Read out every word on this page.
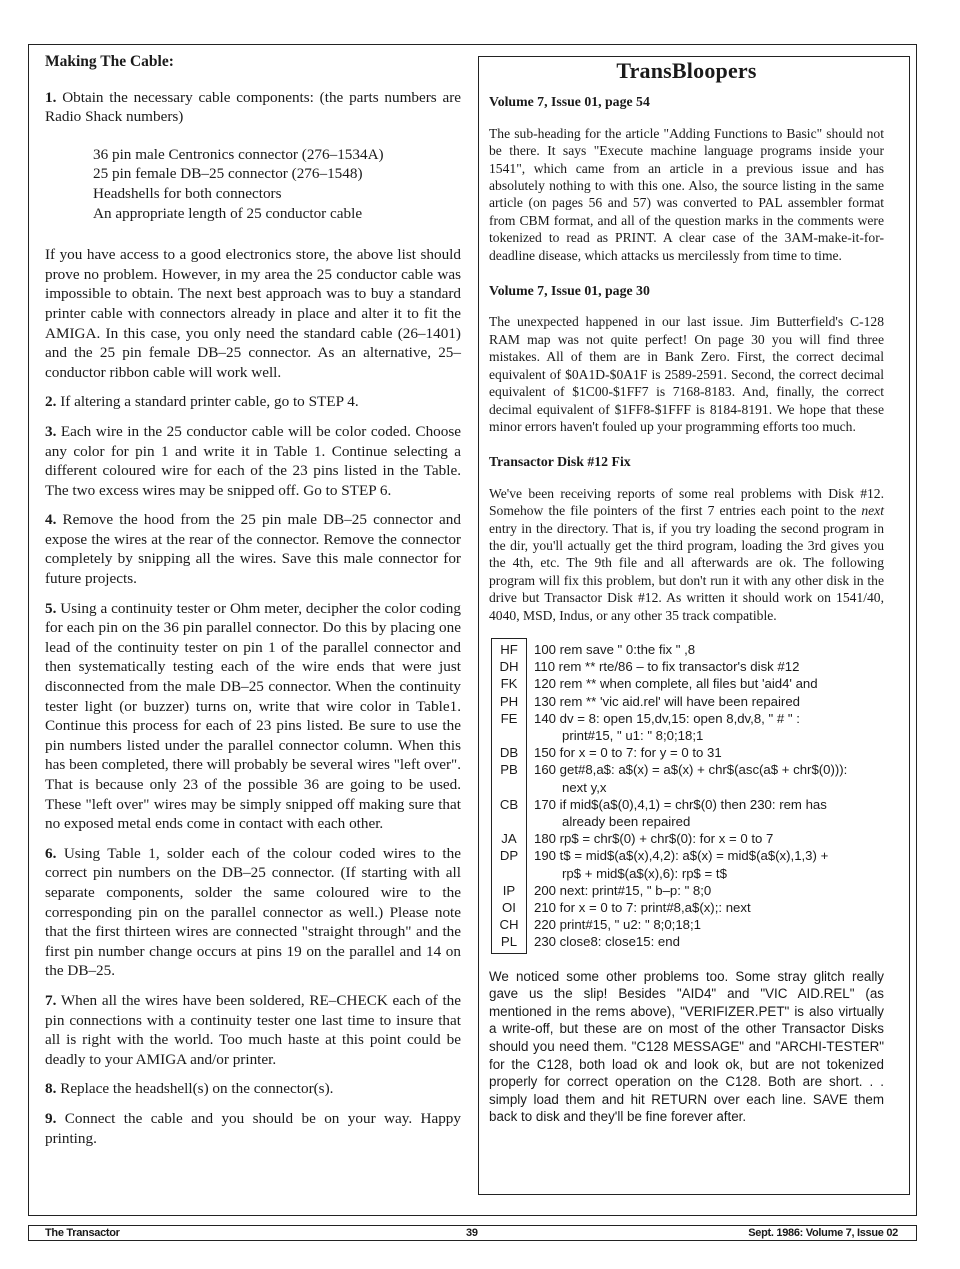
Making The Cable:

1. Obtain the necessary cable components: (the parts numbers are Radio Shack numbers)

36 pin male Centronics connector (276–1534A)
25 pin female DB–25 connector (276–1548)
Headshells for both connectors
An appropriate length of 25 conductor cable

If you have access to a good electronics store, the above list should prove no problem. However, in my area the 25 conductor cable was impossible to obtain. The next best approach was to buy a standard printer cable with connectors already in place and alter it to fit the AMIGA. In this case, you only need the standard cable (26–1401) and the 25 pin female DB–25 connector. As an alternative, 25–conductor ribbon cable will work well.

2. If altering a standard printer cable, go to STEP 4.

3. Each wire in the 25 conductor cable will be color coded. Choose any color for pin 1 and write it in Table 1. Continue selecting a different coloured wire for each of the 23 pins listed in the Table. The two excess wires may be snipped off. Go to STEP 6.

4. Remove the hood from the 25 pin male DB–25 connector and expose the wires at the rear of the connector. Remove the connector completely by snipping all the wires. Save this male connector for future projects.

5. Using a continuity tester or Ohm meter, decipher the color coding for each pin on the 36 pin parallel connector. Do this by placing one lead of the continuity tester on pin 1 of the parallel connector and then systematically testing each of the wire ends that were just disconnected from the male DB–25 connector. When the continuity tester light (or buzzer) turns on, write that wire color in Table1. Continue this process for each of 23 pins listed. Be sure to use the pin numbers listed under the parallel connector column. When this has been completed, there will probably be several wires "left over". That is because only 23 of the possible 36 are going to be used. These "left over" wires may be simply snipped off making sure that no exposed metal ends come in contact with each other.

6. Using Table 1, solder each of the colour coded wires to the correct pin numbers on the DB–25 connector. (If starting with all separate components, solder the same coloured wire to the corresponding pin on the parallel connector as well.) Please note that the first thirteen wires are connected "straight through" and the first pin number change occurs at pins 19 on the parallel and 14 on the DB–25.

7. When all the wires have been soldered, RE–CHECK each of the pin connections with a continuity tester one last time to insure that all is right with the world. Too much haste at this point could be deadly to your AMIGA and/or printer.

8. Replace the headshell(s) on the connector(s).

9. Connect the cable and you should be on your way. Happy printing.

TransBloopers
Volume 7, Issue 01, page 54

The sub-heading for the article "Adding Functions to Basic" should not be there. It says "Execute machine language programs inside your 1541", which came from an article in a previous issue and has absolutely nothing to with this one. Also, the source listing in the same article (on pages 56 and 57) was converted to PAL assembler format from CBM format, and all of the question marks in the comments were tokenized to read as PRINT. A clear case of the 3AM-make-it-for-deadline disease, which attacks us mercilessly from time to time.

Volume 7, Issue 01, page 30

The unexpected happened in our last issue. Jim Butterfield's C-128 RAM map was not quite perfect! On page 30 you will find three mistakes. All of them are in Bank Zero. First, the correct decimal equivalent of $0A1D-$0A1F is 2589-2591. Second, the correct decimal equivalent of $1C00-$1FF7 is 7168-8183. And, finally, the correct decimal equivalent of $1FF8-$1FFF is 8184-8191. We hope that these minor errors haven't fouled up your programming efforts too much.

Transactor Disk #12 Fix

We've been receiving reports of some real problems with Disk #12. Somehow the file pointers of the first 7 entries each point to the next entry in the directory. That is, if you try loading the second program in the dir, you'll actually get the third program, loading the 3rd gives you the 4th, etc. The 9th file and all afterwards are ok. The following program will fix this problem, but don't run it with any other disk in the drive but Transactor Disk #12. As written it should work on 1541/40, 4040, MSD, Indus, or any other 35 track compatible.

HF	100 rem save " 0:the fix " ,8
DH	110 rem ** rte/86 – to fix transactor's disk #12
FK	120 rem ** when complete, all files but 'aid4' and
PH	130 rem ** 'vic aid.rel' will have been repaired
FE	140 dv = 8: open 15,dv,15: open 8,dv,8, " # " :
print#15, " u1: " 8;0;18;1

DB	150 for x = 0 to 7: for y = 0 to 31
PB	160 get#8,a$: a$(x) = a$(x) + chr$(asc(a$ + chr$(0))):
next y,x

CB	170 if mid$(a$(0),4,1) = chr$(0) then 230: rem has
already been repaired

JA	180 rp$ = chr$(0) + chr$(0): for x = 0 to 7
DP	190 t$ = mid$(a$(x),4,2): a$(x) = mid$(a$(x),1,3) +
rp$ + mid$(a$(x),6): rp$ = t$

IP	200 next: print#15, " b–p: " 8;0
OI	210 for x = 0 to 7: print#8,a$(x);: next
CH	220 print#15, " u2: " 8;0;18;1
PL	230 close8: close15: end

We noticed some other problems too. Some stray glitch really gave us the slip! Besides "AID4" and "VIC AID.REL" (as mentioned in the rems above), "VERIFIZER.PET" is also virtually a write-off, but these are on most of the other Transactor Disks should you need them. "C128 MESSAGE" and "ARCHI-TESTER" for the C128, both load ok and look ok, but are not tokenized properly for correct operation on the C128. Both are short. . . simply load them and hit RETURN over each line. SAVE them back to disk and they'll be fine forever after.

The Transactor	39	Sept. 1986: Volume 7, Issue 02
